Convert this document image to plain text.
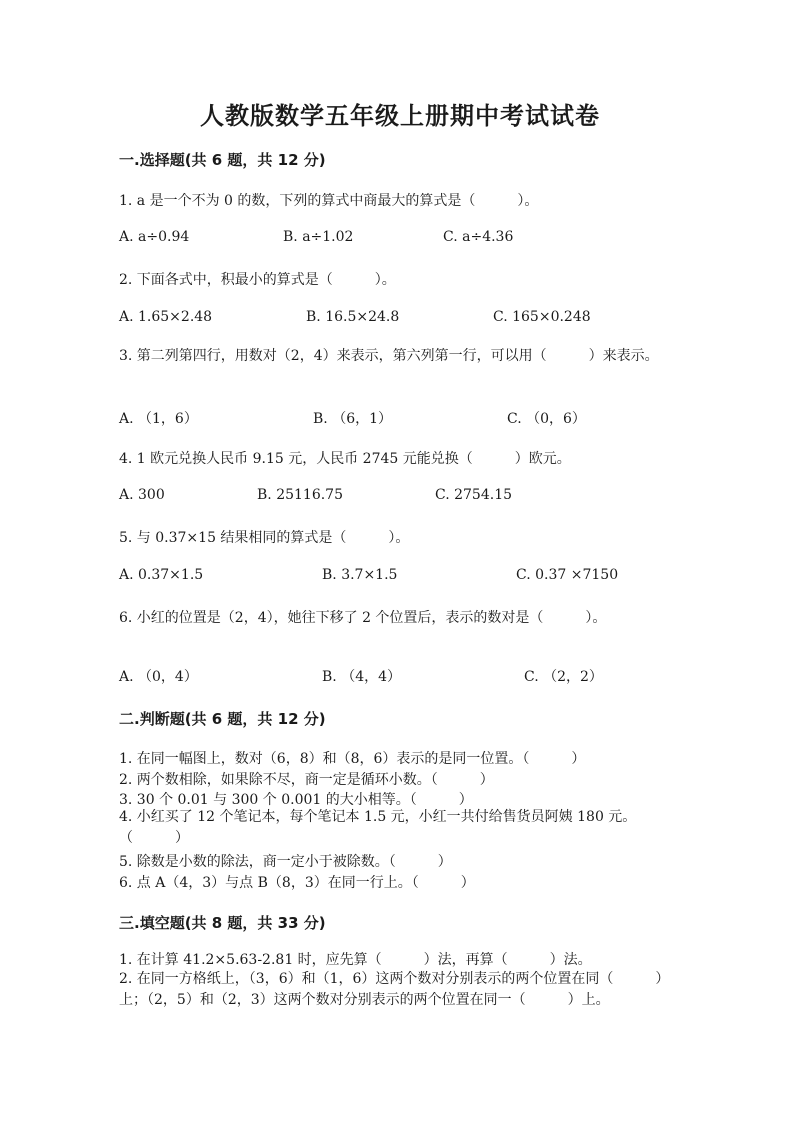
人教版数学五年级上册期中考试试卷
一.选择题(共 6 题，共 12 分)
1. a 是一个不为 0 的数，下列的算式中商最大的算式是（　　　）。
A. a÷0.94	B. a÷1.02	C. a÷4.36
2. 下面各式中，积最小的算式是（　　　）。
A. 1.65×2.48	B. 16.5×24.8	C. 165×0.248
3. 第二列第四行，用数对（2，4）来表示，第六列第一行，可以用（　　　）来表示。
A. （1，6）	B. （6，1）	C. （0，6）
4. 1 欧元兑换人民币 9.15 元，人民币 2745 元能兑换（　　　）欧元。
A. 300	B. 25116.75	C. 2754.15
5. 与 0.37×15 结果相同的算式是（　　　）。
A. 0.37×1.5	B. 3.7×1.5	C. 0.37 ×7150
6. 小红的位置是（2，4），她往下移了 2 个位置后，表示的数对是（　　　）。
A. （0，4）	B. （4，4）	C. （2，2）
二.判断题(共 6 题，共 12 分)
1. 在同一幅图上，数对（6，8）和（8，6）表示的是同一位置。（　　　）
2. 两个数相除，如果除不尽，商一定是循环小数。（　　　）
3. 30 个 0.01 与 300 个 0.001 的大小相等。（　　　）
4. 小红买了 12 个笔记本，每个笔记本 1.5 元，小红一共付给售货员阿姨 180 元。（　　　）
5. 除数是小数的除法，商一定小于被除数。（　　　）
6. 点 A（4，3）与点 B（8，3）在同一行上。（　　　）
三.填空题(共 8 题，共 33 分)
1. 在计算 41.2×5.63-2.81 时，应先算（　　　）法，再算（　　　）法。
2. 在同一方格纸上，（3，6）和（1，6）这两个数对分别表示的两个位置在同（　　　）上；（2，5）和（2，3）这两个数对分别表示的两个位置在同一（　　　）上。
